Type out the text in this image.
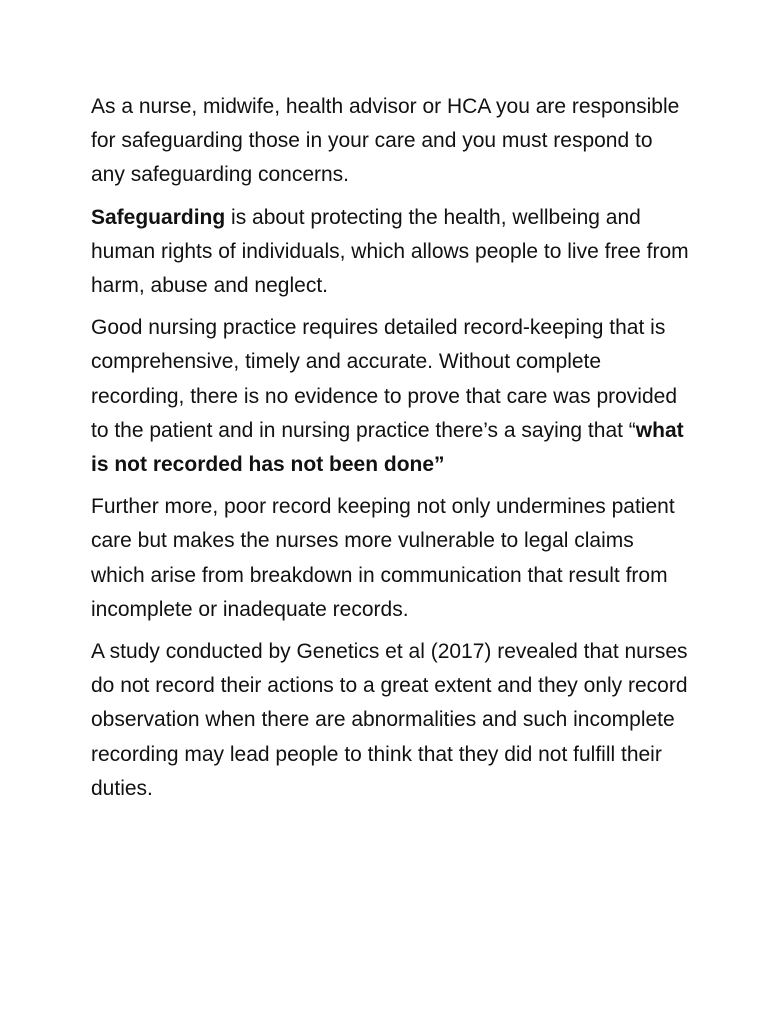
As a nurse, midwife, health advisor or HCA you are responsible for safeguarding those in your care and you must respond to any safeguarding concerns.

Safeguarding is about protecting the health, wellbeing and human rights of individuals, which allows people to live free from harm, abuse and neglect.

Good nursing practice requires detailed record-keeping that is comprehensive, timely and accurate. Without complete recording, there is no evidence to prove that care was provided to the patient and in nursing practice there’s a saying that “what is not recorded has not been done”

Further more, poor record keeping not only undermines patient care but makes the nurses more vulnerable to legal claims which arise from breakdown in communication that result from incomplete or inadequate records.

A study conducted by Genetics et al (2017) revealed that nurses do not record their actions to a great extent and they only record observation when there are abnormalities and such incomplete recording may lead people to think that they did not fulfill their duties.
